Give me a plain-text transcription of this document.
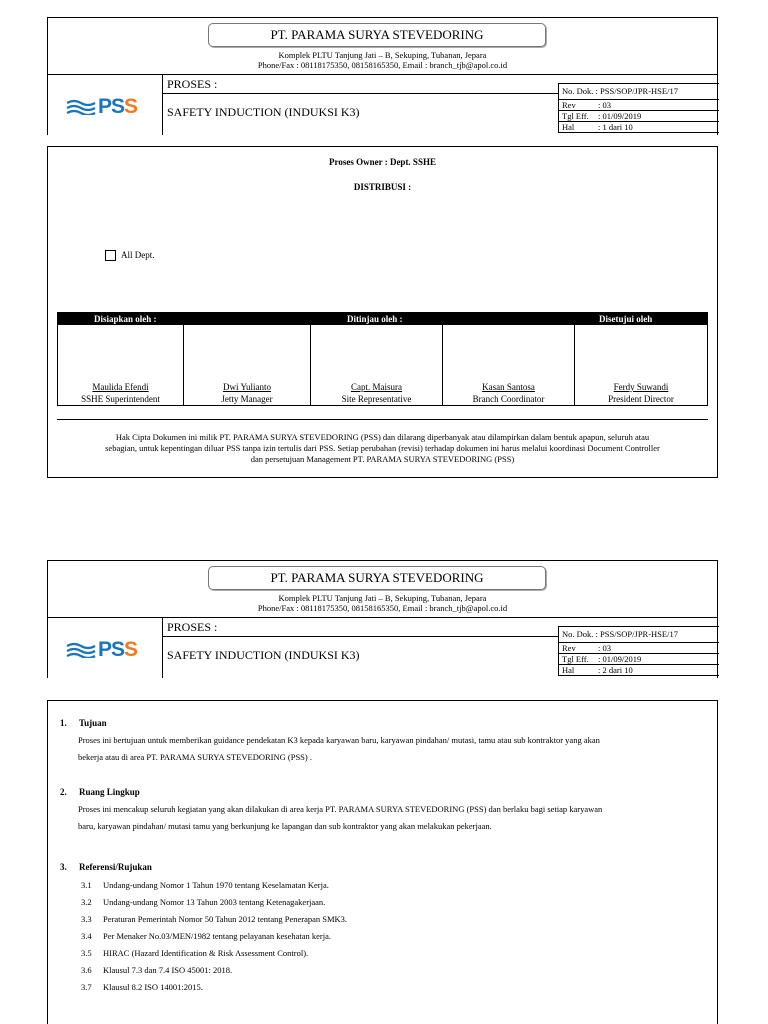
PT. PARAMA SURYA STEVEDORING
Komplek PLTU Tanjung Jati – B, Sekuping, Tubanan, Jepara
Phone/Fax : 08118175350, 08158165350, Email : branch_tjb@apol.co.id
PSS
PROSES :
SAFETY INDUCTION (INDUKSI K3)
No. Dok. : PSS/SOP/JPR-HSE/17
Rev	: 03
Tgl Eff. : 01/09/2019
Hal	: 1 dari 10
Proses Owner : Dept. SSHE
DISTRIBUSI :
All Dept.
Disiapkan oleh :	Ditinjau oleh :	Disetujui oleh
Maulida Efendi
SSHE Superintendent
Dwi Yulianto
Jetty Manager
Capt. Maisura
Site Representative
Kasan Santosa
Branch Coordinator
Ferdy Suwandi
President Director
Hak Cipta Dokumen ini milik PT. PARAMA SURYA STEVEDORING (PSS) dan dilarang diperbanyak atau dilampirkan dalam bentuk apapun, seluruh atau
sebagian, untuk kepentingan diluar PSS tanpa izin tertulis dari PSS. Setiap perubahan (revisi) terhadap dokumen ini harus melalui koordinasi Document Controller
dan persetujuan Management PT. PARAMA SURYA STEVEDORING (PSS)
PT. PARAMA SURYA STEVEDORING
Komplek PLTU Tanjung Jati – B, Sekuping, Tubanan, Jepara
Phone/Fax : 08118175350, 08158165350, Email : branch_tjb@apol.co.id
PSS
PROSES :
SAFETY INDUCTION (INDUKSI K3)
No. Dok. : PSS/SOP/JPR-HSE/17
Rev	: 03
Tgl Eff. : 01/09/2019
Hal	: 2 dari 10
1. Tujuan
Proses ini bertujuan untuk memberikan guidance pendekatan K3 kepada karyawan baru, karyawan pindahan/ mutasi, tamu atau sub kontraktor yang akan
bekerja atau di area PT. PARAMA SURYA STEVEDORING (PSS) .
2. Ruang Lingkup
Proses ini mencakup seluruh kegiatan yang akan dilakukan di area kerja PT. PARAMA SURYA STEVEDORING (PSS) dan berlaku bagi setiap karyawan
baru, karyawan pindahan/ mutasi tamu yang berkunjung ke lapangan dan sub kontraktor yang akan melakukan pekerjaan.
3. Referensi/Rujukan
3.1 Undang-undang Nomor 1 Tahun 1970 tentang Keselamatan Kerja.
3.2 Undang-undang Nomor 13 Tahun 2003 tentang Ketenagakerjaan.
3.3 Peraturan Pemerintah Nomor 50 Tahun 2012 tentang Penerapan SMK3.
3.4 Per Menaker No.03/MEN/1982 tentang pelayanan kesehatan kerja.
3.5 HIRAC (Hazard Identification & Risk Assessment Control).
3.6 Klausul 7.3 dan 7.4 ISO 45001: 2018.
3.7 Klausul 8.2 ISO 14001:2015.
